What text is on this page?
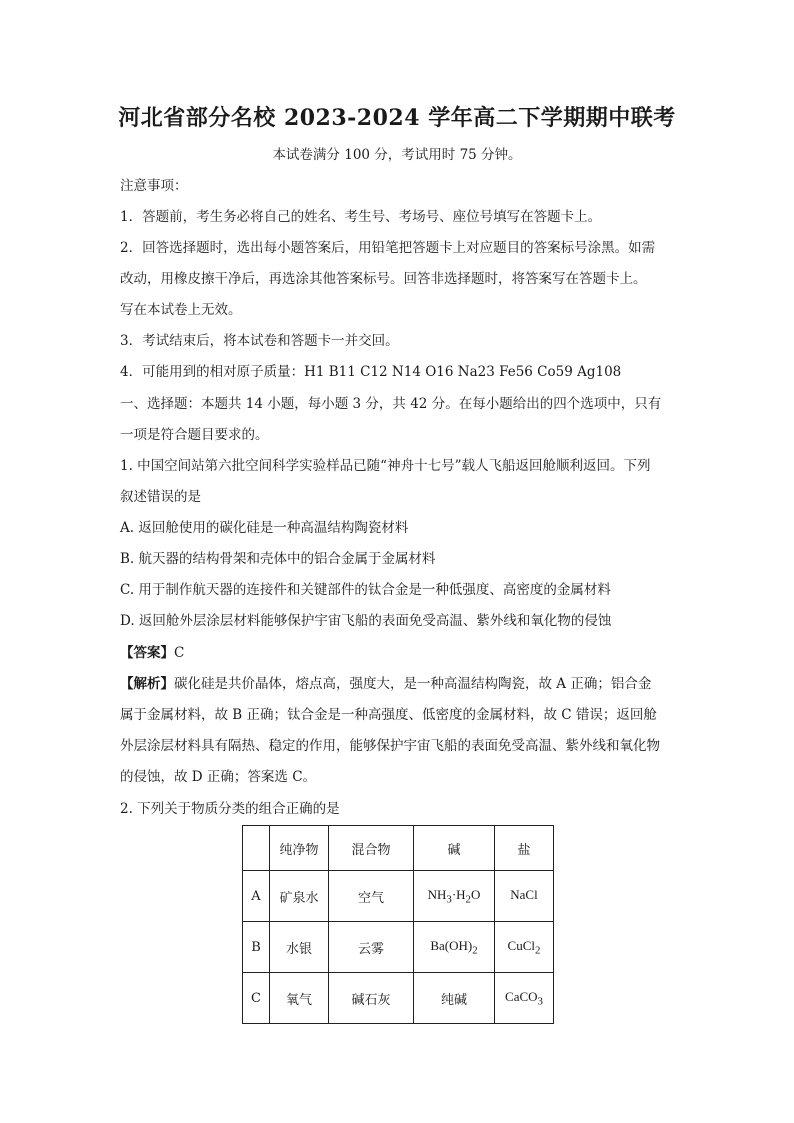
河北省部分名校 2023-2024 学年高二下学期期中联考
本试卷满分 100 分，考试用时 75 分钟。
注意事项：
1．答题前，考生务必将自己的姓名、考生号、考场号、座位号填写在答题卡上。
2．回答选择题时，选出每小题答案后，用铅笔把答题卡上对应题目的答案标号涂黑。如需
改动，用橡皮擦干净后，再选涂其他答案标号。回答非选择题时，将答案写在答题卡上。
写在本试卷上无效。
3．考试结束后，将本试卷和答题卡一并交回。
4．可能用到的相对原子质量：H1 B11 C12 N14 O16 Na23 Fe56 Co59 Ag108
一、选择题：本题共 14 小题，每小题 3 分，共 42 分。在每小题给出的四个选项中，只有
一项是符合题目要求的。
1. 中国空间站第六批空间科学实验样品已随“神舟十七号”载人飞船返回舱顺利返回。下列
叙述错误的是
A. 返回舱使用的碳化硅是一种高温结构陶瓷材料
B. 航天器的结构骨架和壳体中的铝合金属于金属材料
C. 用于制作航天器的连接件和关键部件的钛合金是一种低强度、高密度的金属材料
D. 返回舱外层涂层材料能够保护宇宙飞船的表面免受高温、紫外线和氧化物的侵蚀
【答案】C
【解析】碳化硅是共价晶体，熔点高，强度大，是一种高温结构陶瓷，故 A 正确；铝合金
属于金属材料，故 B 正确；钛合金是一种高强度、低密度的金属材料，故 C 错误；返回舱
外层涂层材料具有隔热、稳定的作用，能够保护宇宙飞船的表面免受高温、紫外线和氧化物
的侵蚀，故 D 正确；答案选 C。
2. 下列关于物质分类的组合正确的是
	纯净物	混合物	碱	盐
A	矿泉水	空气	$NH_3\cdot H_2O$	NaCl
B	水银	云雾	$Ba(OH)_2$	CuCl$_2$
C	氧气	碱石灰	纯碱	CaCO$_3$
